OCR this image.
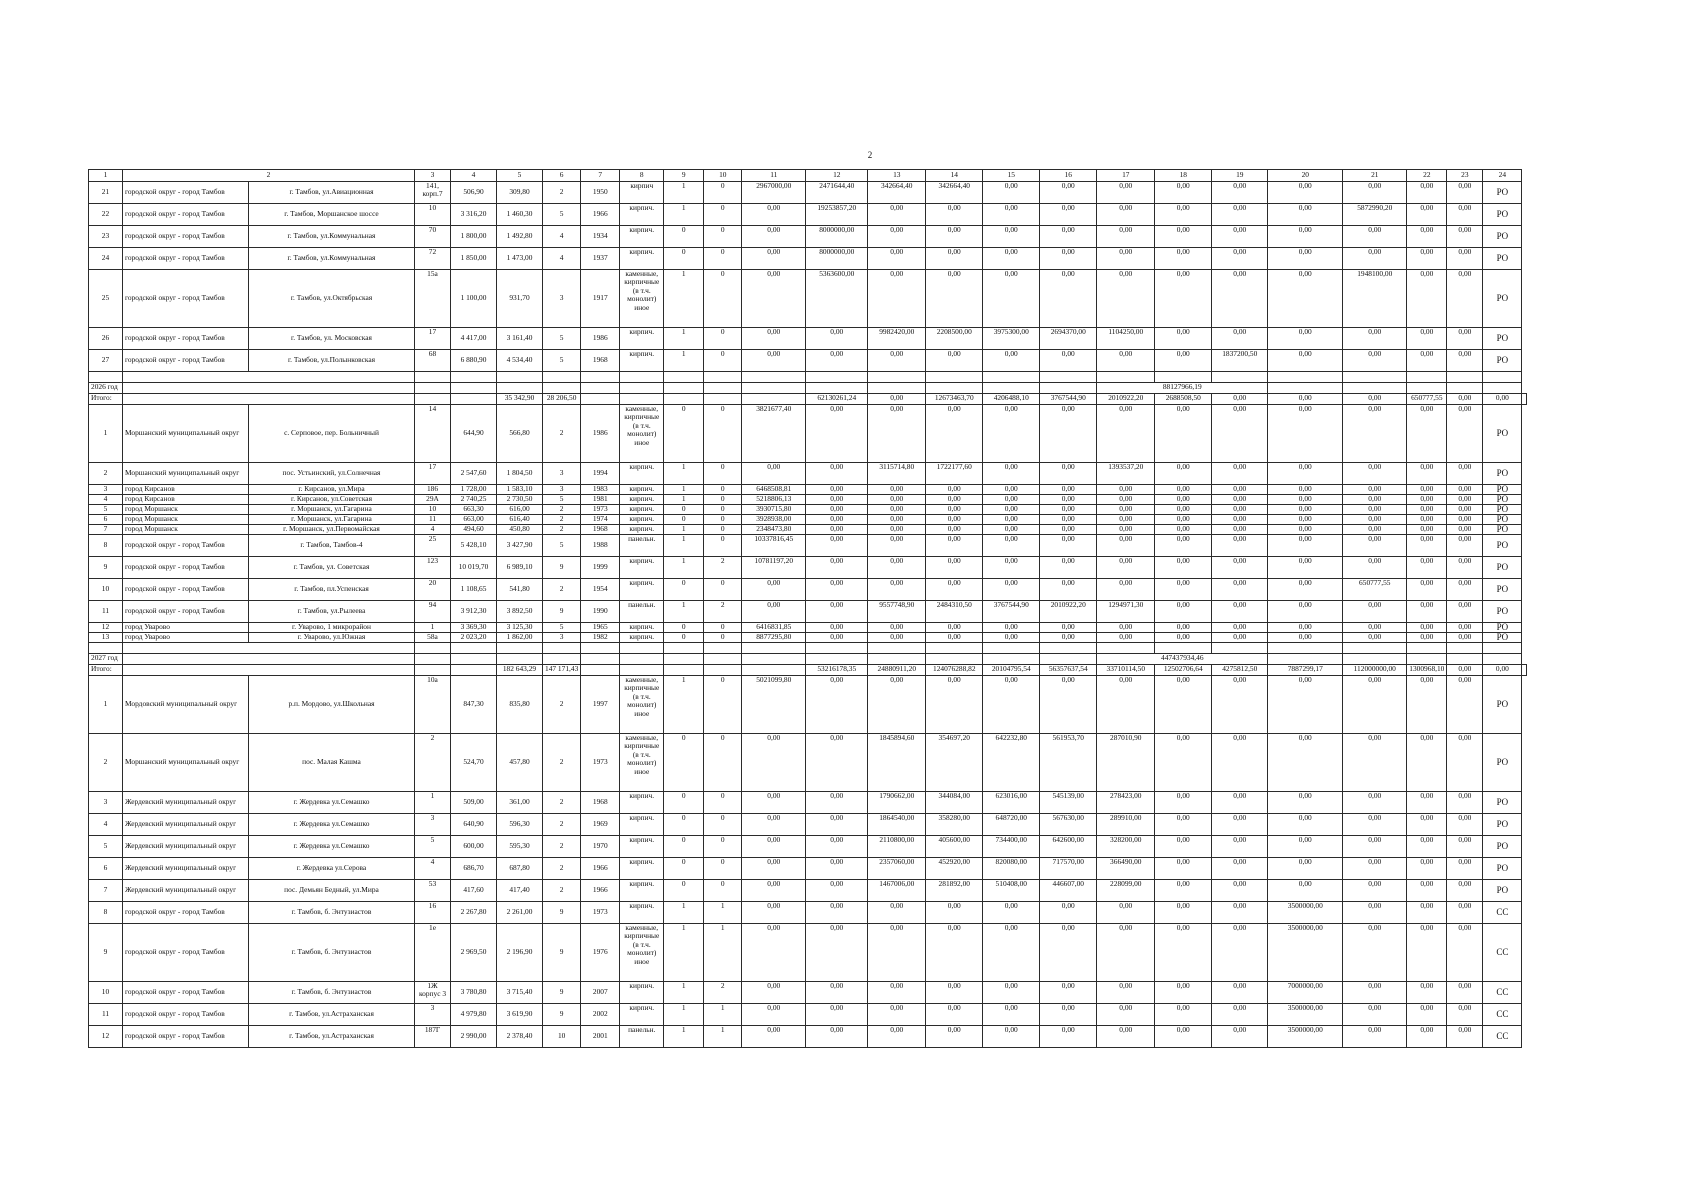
2
1	2		3	4	5	6	7	8	9	10	11	12	13	14	15	16	17	18	19	20	21	22	23	24	
21	городской округ - город Тамбов	г. Тамбов, ул.Авиационная	141, корп.7	506,90	309,80	2	1950	кирпич	1	0	2967000,00	2471644,40	342664,40	342664,40	0,00	0,00	0,00	0,00	0,00	0,00	0,00	0,00	0,00	РО	
22	городской округ - город Тамбов	г. Тамбов, Моршанское шоссе	10	3 316,20	1 460,30	5	1966	кирпич.	1	0	0,00	19253857,20	0,00	0,00	0,00	0,00	0,00	0,00	0,00	0,00	5872990,20	0,00	0,00	РО	
23	городской округ - город Тамбов	г. Тамбов, ул.Коммунальная	70	1 800,00	1 492,80	4	1934	кирпич.	0	0	0,00	8000000,00	0,00	0,00	0,00	0,00	0,00	0,00	0,00	0,00	0,00	0,00	0,00	РО	
24	городской округ - город Тамбов	г. Тамбов, ул.Коммунальная	72	1 850,00	1 473,00	4	1937	кирпич.	0	0	0,00	8000000,00	0,00	0,00	0,00	0,00	0,00	0,00	0,00	0,00	0,00	0,00	0,00	РО	
25	городской округ - город Тамбов	г. Тамбов, ул.Октябрьская	15а	1 100,00	931,70	3	1917	каменные, кирпичные (в т.ч. монолит) иное	1	0	0,00	5363600,00	0,00	0,00	0,00	0,00	0,00	0,00	0,00	0,00	1948100,00	0,00	0,00	РО	
26	городской округ - город Тамбов	г. Тамбов, ул. Московская	17	4 417,00	3 161,40	5	1986	кирпич.	1	0	0,00	0,00	9982420,00	2208500,00	3975300,00	2694370,00	1104250,00	0,00	0,00	0,00	0,00	0,00	0,00	РО	
27	городской округ - город Тамбов	г. Тамбов, ул.Полынковская	68	6 880,90	4 534,40	5	1968	кирпич.	1	0	0,00	0,00	0,00	0,00	0,00	0,00	0,00	0,00	1837200,50	0,00	0,00	0,00	0,00	РО	

2026 год																	88127966,19								
Итого:					35 342,90	28 206,50						62130261,24	0,00	12673463,70	4206488,10	3767544,90	2010922,20	2688508,50	0,00	0,00	0,00	650777,55	0,00	0,00	
1	Моршанский муниципальный округ	с. Серповое, пер. Больничный	14	644,90	566,80	2	1986	каменные, кирпичные (в т.ч. монолит) иное	0	0	3821677,40	0,00	0,00	0,00	0,00	0,00	0,00	0,00	0,00	0,00	0,00	0,00	0,00	РО	
2	Моршанский муниципальный округ	пос. Устьинский, ул.Солнечная	17	2 547,60	1 804,50	3	1994	кирпич.	1	0	0,00	0,00	3115714,80	1722177,60	0,00	0,00	1393537,20	0,00	0,00	0,00	0,00	0,00	0,00	РО	
3	город Кирсанов	г. Кирсанов, ул.Мира	186	1 728,00	1 583,10	3	1983	кирпич.	1	0	6468508,81	0,00	0,00	0,00	0,00	0,00	0,00	0,00	0,00	0,00	0,00	0,00	0,00	РО	
4	город Кирсанов	г. Кирсанов, ул.Советская	29А	2 740,25	2 730,50	5	1981	кирпич.	1	0	5218806,13	0,00	0,00	0,00	0,00	0,00	0,00	0,00	0,00	0,00	0,00	0,00	0,00	РО	
5	город Моршанск	г. Моршанск, ул.Гагарина	10	663,30	616,00	2	1973	кирпич.	0	0	3930715,80	0,00	0,00	0,00	0,00	0,00	0,00	0,00	0,00	0,00	0,00	0,00	0,00	РО	
6	город Моршанск	г. Моршанск, ул.Гагарина	11	663,00	616,40	2	1974	кирпич.	0	0	3928938,00	0,00	0,00	0,00	0,00	0,00	0,00	0,00	0,00	0,00	0,00	0,00	0,00	РО	
7	город Моршанск	г. Моршанск, ул.Первомайская	4	494,60	450,80	2	1968	кирпич.	1	0	2348473,80	0,00	0,00	0,00	0,00	0,00	0,00	0,00	0,00	0,00	0,00	0,00	0,00	РО	
8	городской округ - город Тамбов	г. Тамбов, Тамбов-4	25	5 428,10	3 427,90	5	1988	панельн.	1	0	10337816,45	0,00	0,00	0,00	0,00	0,00	0,00	0,00	0,00	0,00	0,00	0,00	0,00	РО	
9	городской округ - город Тамбов	г. Тамбов, ул. Советская	123	10 019,70	6 989,10	9	1999	кирпич.	1	2	10781197,20	0,00	0,00	0,00	0,00	0,00	0,00	0,00	0,00	0,00	0,00	0,00	0,00	РО	
10	городской округ - город Тамбов	г. Тамбов, пл.Успенская	20	1 108,65	541,80	2	1954	кирпич.	0	0	0,00	0,00	0,00	0,00	0,00	0,00	0,00	0,00	0,00	0,00	650777,55	0,00	0,00	РО	
11	городской округ - город Тамбов	г. Тамбов, ул.Рылеева	94	3 912,30	3 892,50	9	1990	панельн.	1	2	0,00	0,00	9557748,90	2484310,50	3767544,90	2010922,20	1294971,30	0,00	0,00	0,00	0,00	0,00	0,00	РО	
12	город Уварово	г. Уварово, 1 микрорайон	1	3 369,30	3 125,30	5	1965	кирпич.	0	0	6416831,85	0,00	0,00	0,00	0,00	0,00	0,00	0,00	0,00	0,00	0,00	0,00	0,00	РО	
13	город Уварово	г. Уварово, ул.Южная	58а	2 023,20	1 862,00	3	1982	кирпич.	0	0	8877295,80	0,00	0,00	0,00	0,00	0,00	0,00	0,00	0,00	0,00	0,00	0,00	0,00	РО	

2027 год																	447437934,46								
Итого:					182 643,29	147 171,43						53216178,35	24880911,20	124076288,82	20104795,54	56357637,54	33710114,50	12502706,64	4275812,50	7887299,17	112000000,00	1300968,10	0,00	0,00	
1	Мордовский муниципальный округ	р.п. Мордово, ул.Школьная	10а	847,30	835,80	2	1997	каменные, кирпичные (в т.ч. монолит) иное	1	0	5021099,80	0,00	0,00	0,00	0,00	0,00	0,00	0,00	0,00	0,00	0,00	0,00	0,00	РО	
2	Моршанский муниципальный округ	пос. Малая Кашма	2	524,70	457,80	2	1973	каменные, кирпичные (в т.ч. монолит) иное	0	0	0,00	0,00	1845894,60	354697,20	642232,80	561953,70	287010,90	0,00	0,00	0,00	0,00	0,00	0,00	РО	
3	Жердевский муниципальный округ	г. Жердевка ул.Семашко	1	509,00	361,00	2	1968	кирпич.	0	0	0,00	0,00	1790662,00	344084,00	623016,00	545139,00	278423,00	0,00	0,00	0,00	0,00	0,00	0,00	РО	
4	Жердевский муниципальный округ	г. Жердевка ул.Семашко	3	640,90	596,30	2	1969	кирпич.	0	0	0,00	0,00	1864540,00	358280,00	648720,00	567630,00	289910,00	0,00	0,00	0,00	0,00	0,00	0,00	РО	
5	Жердевский муниципальный округ	г. Жердевка ул.Семашко	5	600,00	595,30	2	1970	кирпич.	0	0	0,00	0,00	2110800,00	405600,00	734400,00	642600,00	328200,00	0,00	0,00	0,00	0,00	0,00	0,00	РО	
6	Жердевский муниципальный округ	г. Жердевка ул.Серова	4	686,70	687,80	2	1966	кирпич.	0	0	0,00	0,00	2357060,00	452920,00	820080,00	717570,00	366490,00	0,00	0,00	0,00	0,00	0,00	0,00	РО	
7	Жердевский муниципальный округ	пос. Демьян Бедный, ул.Мира	53	417,60	417,40	2	1966	кирпич.	0	0	0,00	0,00	1467006,00	281892,00	510408,00	446607,00	228099,00	0,00	0,00	0,00	0,00	0,00	0,00	РО	
8	городской округ - город Тамбов	г. Тамбов, б. Энтузиастов	16	2 267,80	2 261,00	9	1973	кирпич.	1	1	0,00	0,00	0,00	0,00	0,00	0,00	0,00	0,00	0,00	3500000,00	0,00	0,00	0,00	СС	
9	городской округ - город Тамбов	г. Тамбов, б. Энтузиастов	1е	2 969,50	2 196,90	9	1976	каменные, кирпичные (в т.ч. монолит) иное	1	1	0,00	0,00	0,00	0,00	0,00	0,00	0,00	0,00	0,00	3500000,00	0,00	0,00	0,00	СС	
10	городской округ - город Тамбов	г. Тамбов, б. Энтузиастов	1Ж корпус 3	3 780,80	3 715,40	9	2007	кирпич.	1	2	0,00	0,00	0,00	0,00	0,00	0,00	0,00	0,00	0,00	7000000,00	0,00	0,00	0,00	СС	
11	городской округ - город Тамбов	г. Тамбов, ул.Астраханская	3	4 979,80	3 619,90	9	2002	кирпич.	1	1	0,00	0,00	0,00	0,00	0,00	0,00	0,00	0,00	0,00	3500000,00	0,00	0,00	0,00	СС	
12	городской округ - город Тамбов	г. Тамбов, ул.Астраханская	187Г	2 990,00	2 378,40	10	2001	панельн.	1	1	0,00	0,00	0,00	0,00	0,00	0,00	0,00	0,00	0,00	3500000,00	0,00	0,00	0,00	СС	
